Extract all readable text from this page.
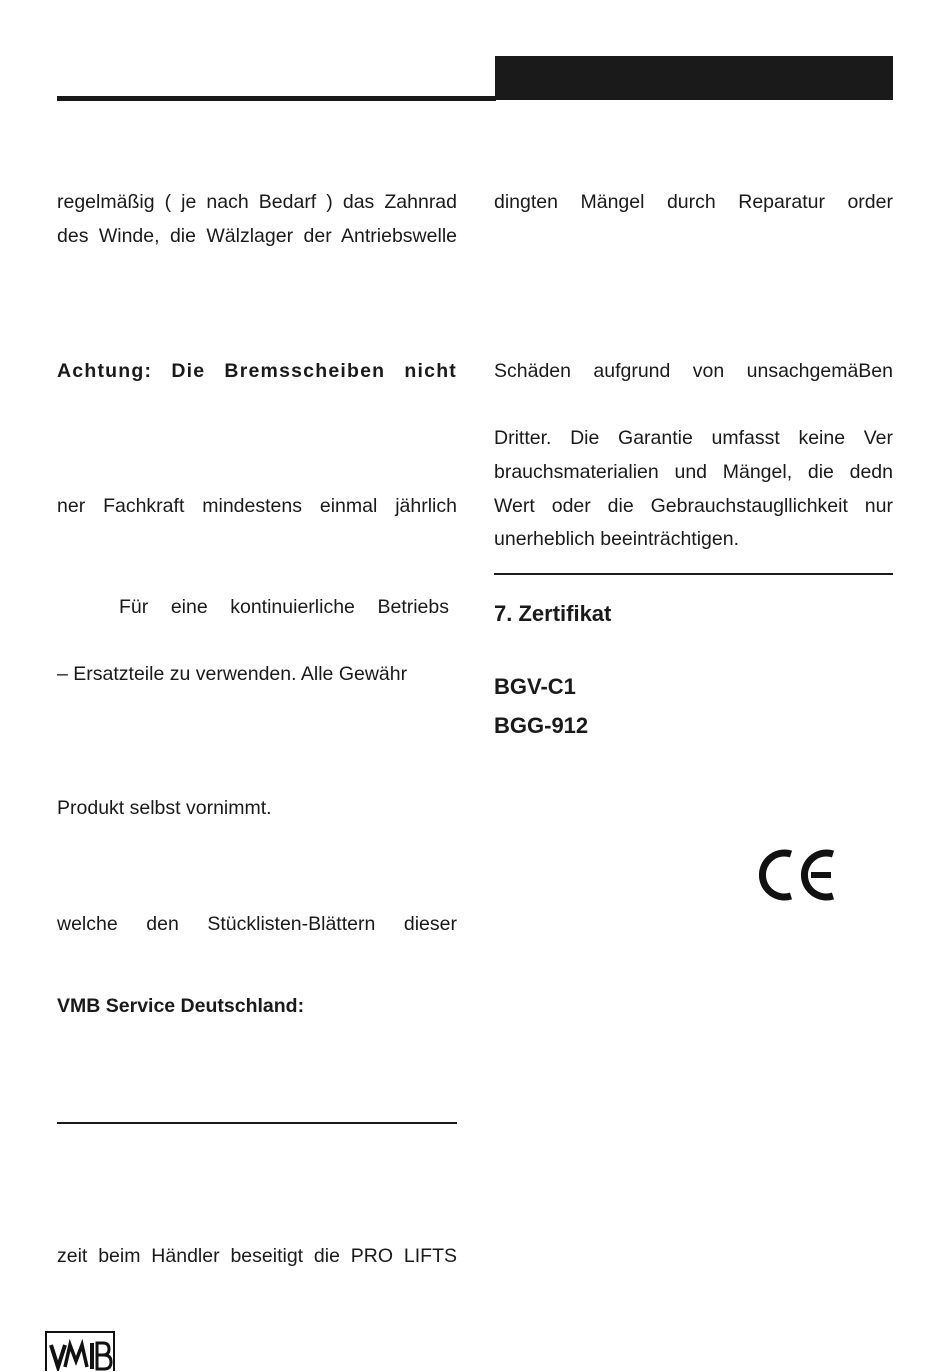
regelmäßig ( je nach Bedarf ) das Zahnrad
des Winde, die Wälzlager der Antriebswelle
Achtung: Die Bremsscheiben nicht
ner Fachkraft mindestens einmal jährlich
Für eine kontinuierliche Betriebs
– Ersatzteile zu verwenden. Alle Gewähr
Produkt selbst vornimmt.
welche den Stücklisten-Blättern dieser
VMB Service Deutschland:
zeit beim Händler beseitigt die PRO LIFTS
dingten Mängel durch Reparatur order
Schäden aufgrund von unsachgemäBen
Dritter. Die Garantie umfasst keine Ver
brauchsmaterialien und Mängel, die dedn
Wert oder die Gebrauchstaugllichkeit nur
unerheblich beeinträchtigen.
7. Zertifikat
BGV-C1
BGG-912
